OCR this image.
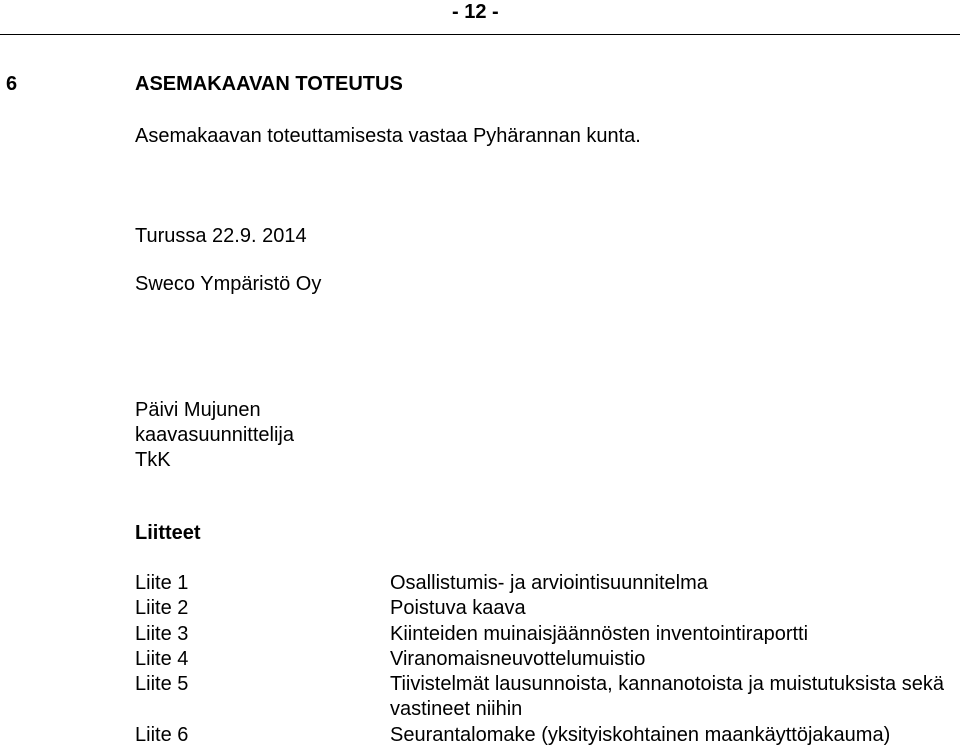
- 12 -
6	ASEMAKAAVAN TOTEUTUS
Asemakaavan toteuttamisesta vastaa Pyhärannan kunta.
Turussa 22.9. 2014
Sweco Ympäristö Oy
Päivi Mujunen
kaavasuunnittelija
TkK
Liitteet
Liite 1	Osallistumis- ja arviointisuunnitelma
Liite 2	Poistuva kaava
Liite 3	Kiinteiden muinaisjäännösten inventointiraportti
Liite 4	Viranomaisneuvottelumuistio
Liite 5	Tiivistelmät lausunnoista, kannanotoista ja muistutuksista sekä vastineet niihin
Liite 6	Seurantalomake (yksityiskohtainen maankäyttöjakauma)
